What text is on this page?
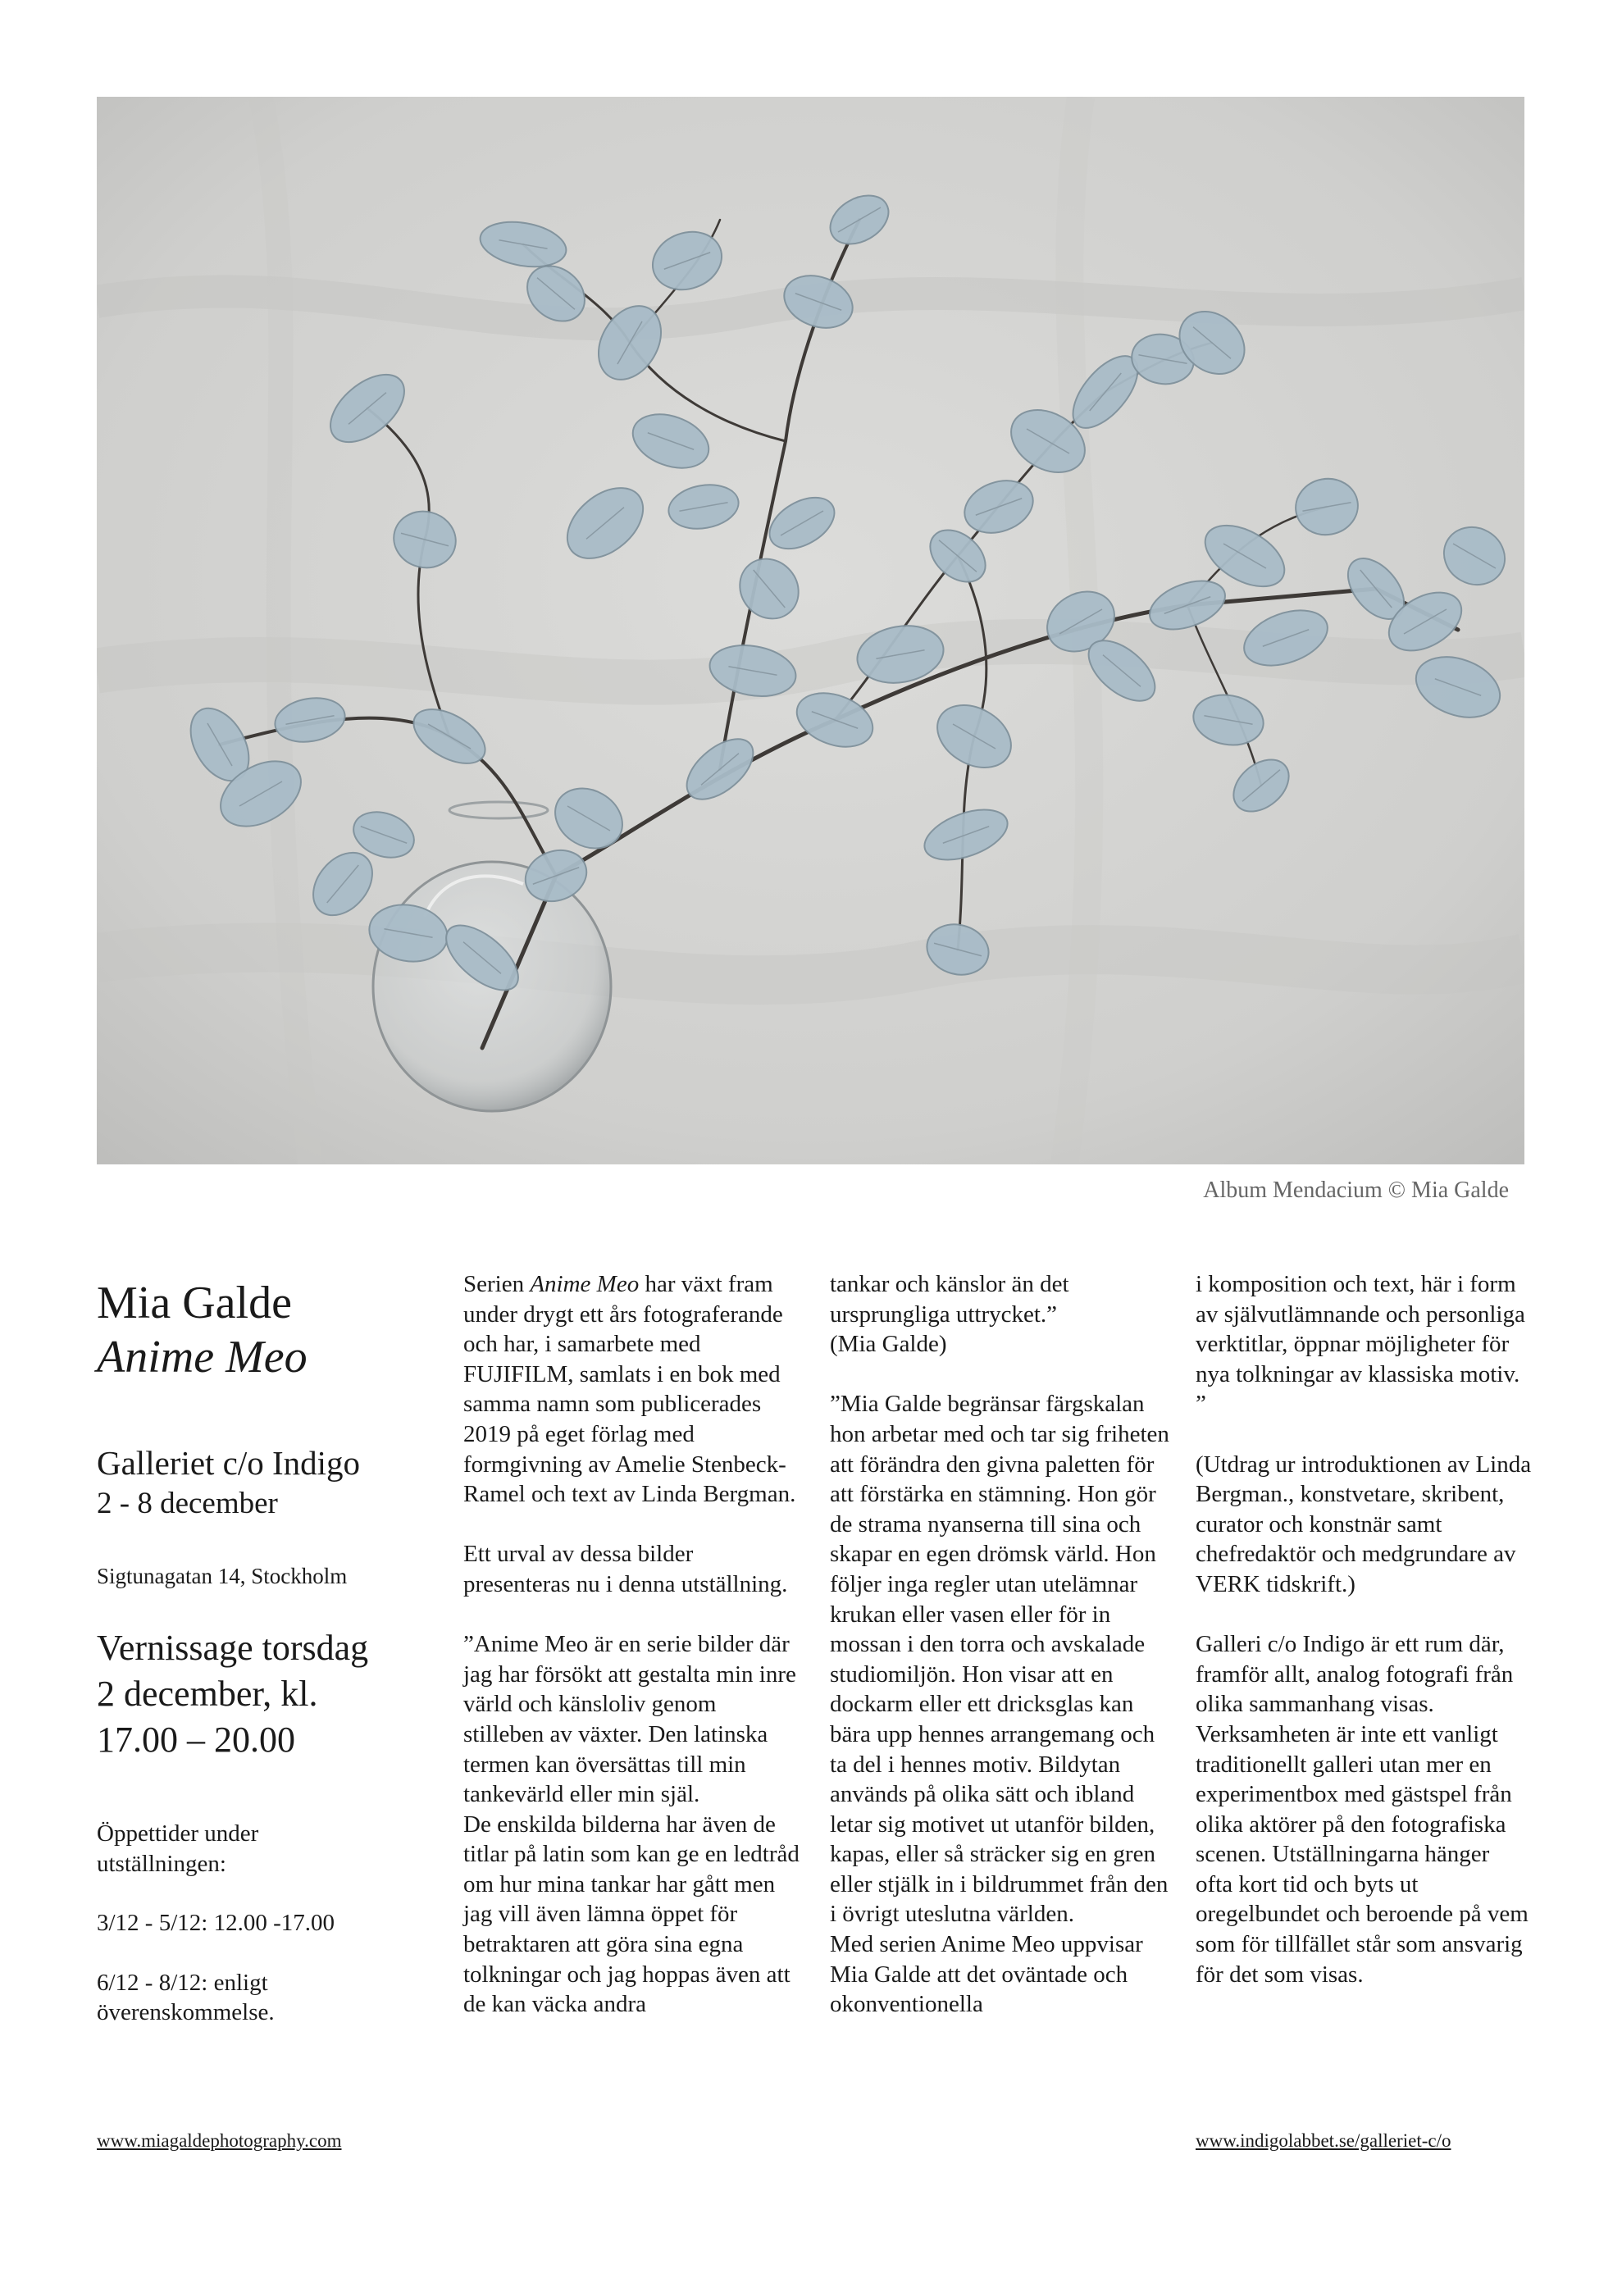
Album Mendacium © Mia Galde
Mia Galde
Anime Meo
Galleriet c/o Indigo
2 - 8 december
Sigtunagatan 14, Stockholm
Vernissage torsdag
2 december, kl.
17.00 – 20.00
Öppettider under
utställningen:
3/12 - 5/12: 12.00 -17.00
6/12 - 8/12: enligt
överenskommelse.
www.miagaldephotography.com

Serien Anime Meo har växt fram under drygt ett års fotograferande och har, i samarbete med FUJIFILM, samlats i en bok med samma namn som publicerades 2019 på eget förlag med formgivning av Amelie Stenbeck-Ramel och text av Linda Bergman.

Ett urval av dessa bilder presenteras nu i denna utställning.

”Anime Meo är en serie bilder där jag har försökt att gestalta min inre värld och känsloliv genom stilleben av växter. Den latinska termen kan översättas till min tankevärld eller min själ.
De enskilda bilderna har även de titlar på latin som kan ge en ledtråd om hur mina tankar har gått men jag vill även lämna öppet för betraktaren att göra sina egna tolkningar och jag hoppas även att de kan väcka andra

tankar och känslor än det ursprungliga uttrycket.”
(Mia Galde)

”Mia Galde begränsar färgskalan hon arbetar med och tar sig friheten att förändra den givna paletten för att förstärka en stämning. Hon gör de strama nyanserna till sina och skapar en egen drömsk värld. Hon följer inga regler utan utelämnar krukan eller vasen eller för in mossan i den torra och avskalade studiomiljön. Hon visar att en dockarm eller ett dricksglas kan bära upp hennes arrangemang och ta del i hennes motiv. Bildytan används på olika sätt och ibland letar sig motivet ut utanför bilden, kapas, eller så sträcker sig en gren eller stjälk in i bildrummet från den i övrigt uteslutna världen.
Med serien Anime Meo uppvisar Mia Galde att det oväntade och okonventionella

i komposition och text, här i form av självutlämnande och personliga verktitlar, öppnar möjligheter för nya tolkningar av klassiska motiv. ”

(Utdrag ur introduktionen av Linda Bergman., konstvetare, skribent, curator och konstnär samt chefredaktör och medgrundare av VERK tidskrift.)

Galleri c/o Indigo är ett rum där, framför allt, analog fotografi från olika sammanhang visas. Verksamheten är inte ett vanligt traditionellt galleri utan mer en experimentbox med gästspel från olika aktörer på den fotografiska scenen. Utställningarna hänger ofta kort tid och byts ut oregelbundet och beroende på vem som för tillfället står som ansvarig för det som visas.

www.indigolabbet.se/galleriet-c/o
